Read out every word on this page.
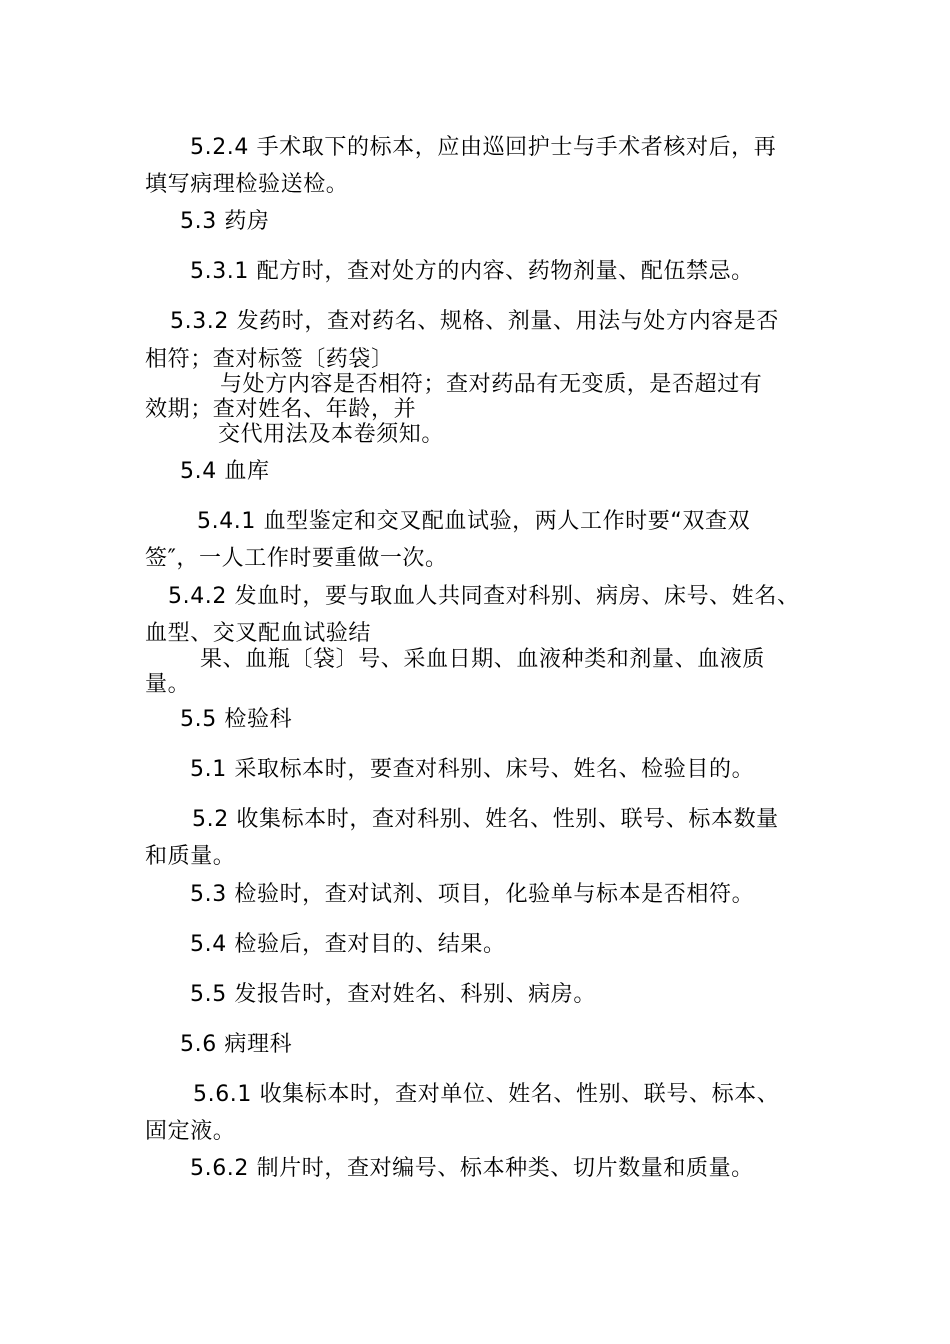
5.2.4 手术取下的标本，应由巡回护士与手术者核对后，再
填写病理检验送检。
5.3 药房
5.3.1 配方时，查对处方的内容、药物剂量、配伍禁忌。
5.3.2 发药时，查对药名、规格、剂量、用法与处方内容是否
相符；查对标签〔药袋〕
与处方内容是否相符；查对药品有无变质，是否超过有
效期；查对姓名、年龄，并
交代用法及本卷须知。
5.4 血库
5.4.1 血型鉴定和交叉配血试验，两人工作时要“双查双
签″，一人工作时要重做一次。
5.4.2 发血时，要与取血人共同查对科别、病房、床号、姓名、
血型、交叉配血试验结
果、血瓶〔袋〕号、采血日期、血液种类和剂量、血液质
量。
5.5 检验科
5.1 采取标本时，要查对科别、床号、姓名、检验目的。
5.2 收集标本时，查对科别、姓名、性别、联号、标本数量
和质量。
5.3 检验时，查对试剂、项目，化验单与标本是否相符。
5.4 检验后，查对目的、结果。
5.5 发报告时，查对姓名、科别、病房。
5.6 病理科
5.6.1 收集标本时，查对单位、姓名、性别、联号、标本、
固定液。
5.6.2 制片时，查对编号、标本种类、切片数量和质量。
